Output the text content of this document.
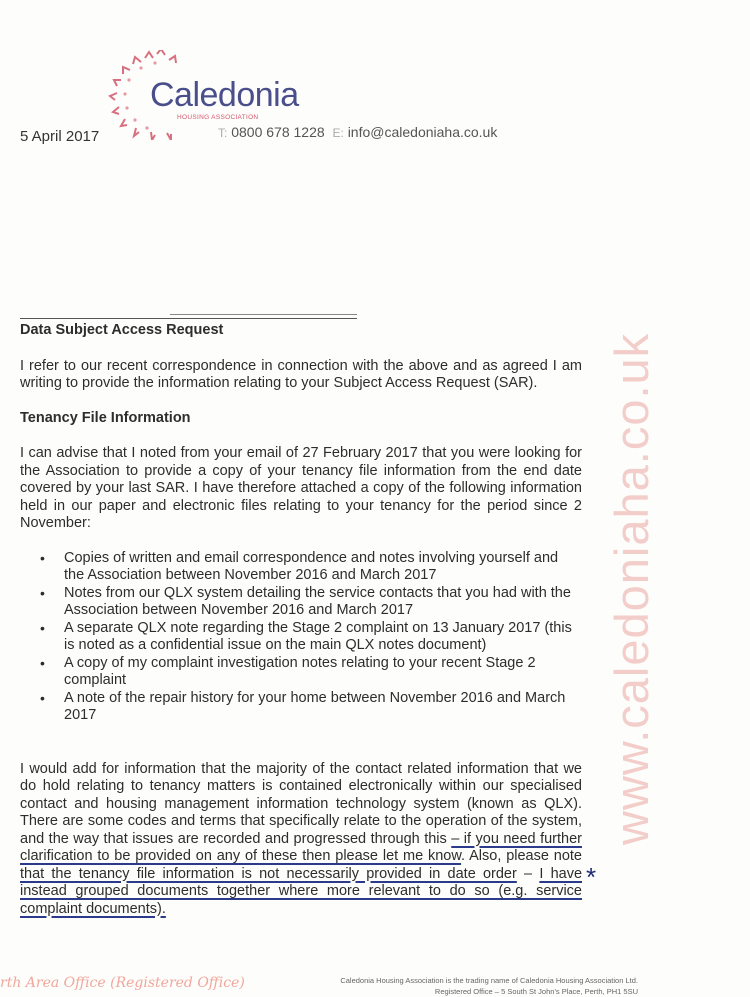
Caledonia
HOUSING ASSOCIATION
T: 0800 678 1228 E: info@caledoniaha.co.uk
5 April 2017

Data Subject Access Request

I refer to our recent correspondence in connection with the above and as agreed I am writing to provide the information relating to your Subject Access Request (SAR).

Tenancy File Information

I can advise that I noted from your email of 27 February 2017 that you were looking for the Association to provide a copy of your tenancy file information from the end date covered by your last SAR. I have therefore attached a copy of the following information held in our paper and electronic files relating to your tenancy for the period since 2 November:

• Copies of written and email correspondence and notes involving yourself and the Association between November 2016 and March 2017
• Notes from our QLX system detailing the service contacts that you had with the Association between November 2016 and March 2017
• A separate QLX note regarding the Stage 2 complaint on 13 January 2017 (this is noted as a confidential issue on the main QLX notes document)
• A copy of my complaint investigation notes relating to your recent Stage 2 complaint
• A note of the repair history for your home between November 2016 and March 2017

I would add for information that the majority of the contact related information that we do hold relating to tenancy matters is contained electronically within our specialised contact and housing management information technology system (known as QLX). There are some codes and terms that specifically relate to the operation of the system, and the way that issues are recorded and progressed through this – if you need further clarification to be provided on any of these then please let me know. Also, please note that the tenancy file information is not necessarily provided in date order – I have instead grouped documents together where more relevant to do so (e.g. service complaint documents).

www.caledoniaha.co.uk
*
rth Area Office (Registered Office)	Caledonia Housing Association is the trading name of Caledonia Housing Association Ltd.
Registered Office – 5 South St John's Place, Perth, PH1 5SU
